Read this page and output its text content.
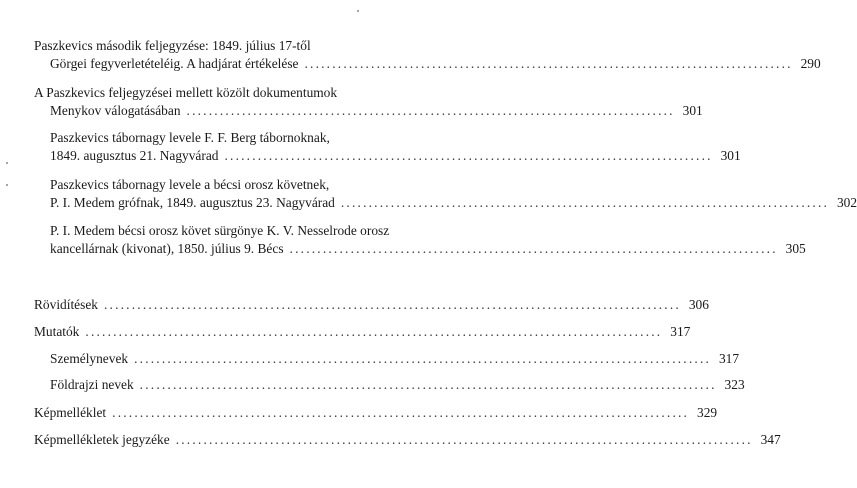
Paszkevics második feljegyzése: 1849. július 17-től
Görgei fegyverletételéig. A hadjárat értékelése ........................................................................................ 290
A Paszkevics feljegyzései mellett közölt dokumentumok
Menykov válogatásában ........................................................................................ 301
Paszkevics tábornagy levele F. F. Berg tábornoknak,
1849. augusztus 21. Nagyvárad ........................................................................................ 301
Paszkevics tábornagy levele a bécsi orosz követnek,
P. I. Medem grófnak, 1849. augusztus 23. Nagyvárad ........................................................................................ 302
P. I. Medem bécsi orosz követ sürgönye K. V. Nesselrode orosz
kancellárnak (kivonat), 1850. július 9. Bécs ........................................................................................ 305
Rövidítések ........................................................................................................ 306
Mutatók ........................................................................................................ 317
Személynevek ........................................................................................................ 317
Földrajzi nevek ........................................................................................................ 323
Képmelléklet ........................................................................................................ 329
Képmellékletek jegyzéke ........................................................................................................ 347
